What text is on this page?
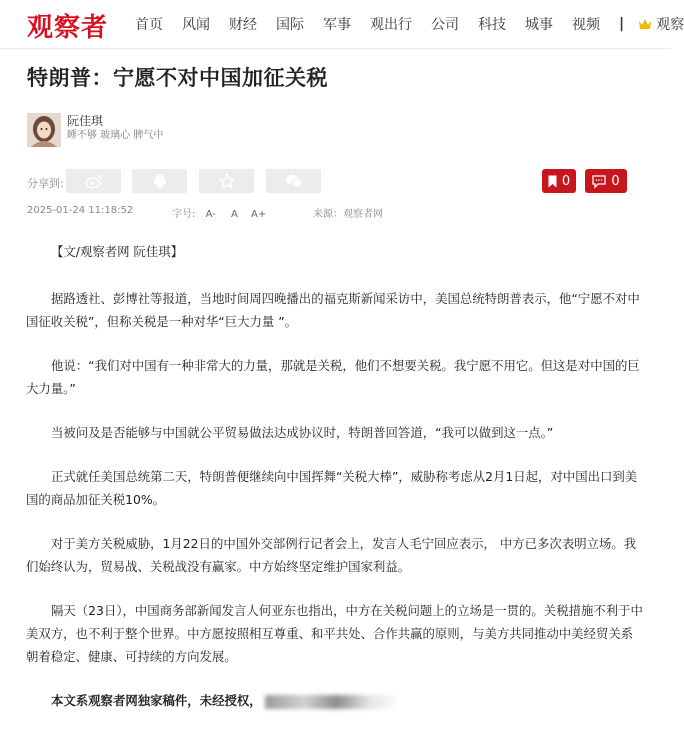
观察者 首页 风闻 财经 国际 军事 观出行 公司 科技 城事 视频 | 观察
特朗普：宁愿不对中国加征关税
阮佳琪
睡不够 玻璃心 脾气中
分享到:	0	0
2025-01-24 11:18:52	字号: A- A A+	来源：观察者网

【文/观察者网 阮佳琪】

据路透社、彭博社等报道，当地时间周四晚播出的福克斯新闻采访中，美国总统特朗普表示，他“宁愿不对中国征收关税”，但称关税是一种对华“巨大力量 ”。

他说：“我们对中国有一种非常大的力量，那就是关税，他们不想要关税。我宁愿不用它。但这是对中国的巨大力量。”

当被问及是否能够与中国就公平贸易做法达成协议时，特朗普回答道，“我可以做到这一点。”

正式就任美国总统第二天，特朗普便继续向中国挥舞“关税大棒”，威胁称考虑从2月1日起，对中国出口到美国的商品加征关税10%。

对于美方关税威胁，1月22日的中国外交部例行记者会上，发言人毛宁回应表示， 中方已多次表明立场。我们始终认为，贸易战、关税战没有赢家。中方始终坚定维护国家利益。

隔天（23日），中国商务部新闻发言人何亚东也指出，中方在关税问题上的立场是一贯的。关税措施不利于中美双方，也不利于整个世界。中方愿按照相互尊重、和平共处、合作共赢的原则，与美方共同推动中美经贸关系朝着稳定、健康、可持续的方向发展。

本文系观察者网独家稿件，未经授权，
